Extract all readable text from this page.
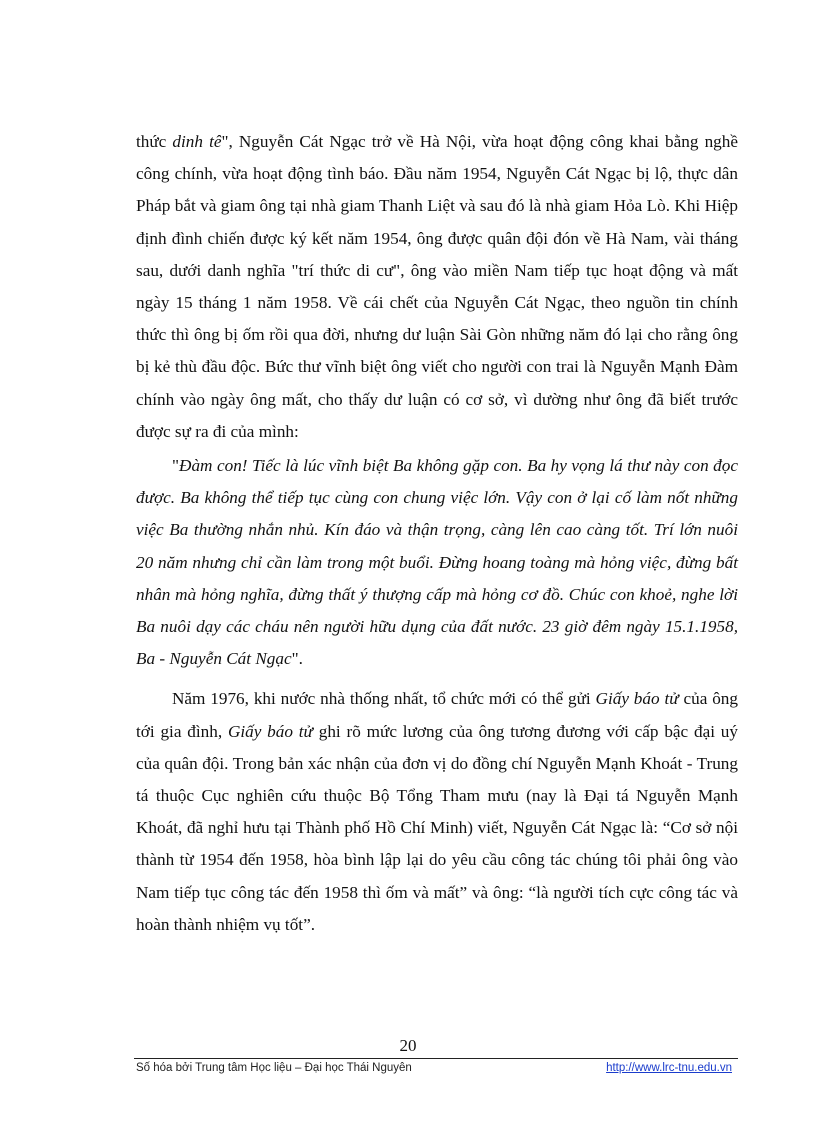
thức dinh tê", Nguyễn Cát Ngạc trở về Hà Nội, vừa hoạt động công khai bằng nghề công chính, vừa hoạt động tình báo. Đầu năm 1954, Nguyễn Cát Ngạc bị lộ, thực dân Pháp bắt và giam ông tại nhà giam Thanh Liệt và sau đó là nhà giam Hỏa Lò. Khi Hiệp định đình chiến được ký kết năm 1954, ông được quân đội đón về Hà Nam, vài tháng sau, dưới danh nghĩa "trí thức di cư", ông vào miền Nam tiếp tục hoạt động và mất ngày 15 tháng 1 năm 1958. Về cái chết của Nguyễn Cát Ngạc, theo nguồn tin chính thức thì ông bị ốm rồi qua đời, nhưng dư luận Sài Gòn những năm đó lại cho rằng ông bị kẻ thù đầu độc. Bức thư vĩnh biệt ông viết cho người con trai là Nguyễn Mạnh Đàm chính vào ngày ông mất, cho thấy dư luận có cơ sở, vì dường như ông đã biết trước được sự ra đi của mình:

"Đàm con! Tiếc là lúc vĩnh biệt Ba không gặp con. Ba hy vọng lá thư này con đọc được. Ba không thể tiếp tục cùng con chung việc lớn. Vậy con ở lại cố làm nốt những việc Ba thường nhắn nhủ. Kín đáo và thận trọng, càng lên cao càng tốt. Trí lớn nuôi 20 năm nhưng chỉ cần làm trong một buổi. Đừng hoang toàng mà hỏng việc, đừng bất nhân mà hỏng nghĩa, đừng thất ý thượng cấp mà hỏng cơ đồ. Chúc con khoẻ, nghe lời Ba nuôi dạy các cháu nên người hữu dụng của đất nước. 23 giờ đêm ngày 15.1.1958, Ba - Nguyễn Cát Ngạc".

Năm 1976, khi nước nhà thống nhất, tổ chức mới có thể gửi Giấy báo tử của ông tới gia đình, Giấy báo tử ghi rõ mức lương của ông tương đương với cấp bậc đại uý của quân đội. Trong bản xác nhận của đơn vị do đồng chí Nguyễn Mạnh Khoát - Trung tá thuộc Cục nghiên cứu thuộc Bộ Tổng Tham mưu (nay là Đại tá Nguyễn Mạnh Khoát, đã nghỉ hưu tại Thành phố Hồ Chí Minh) viết, Nguyễn Cát Ngạc là: “Cơ sở nội thành từ 1954 đến 1958, hòa bình lập lại do yêu cầu công tác chúng tôi phải ông vào Nam tiếp tục công tác đến 1958 thì ốm và mất” và ông: “là người tích cực công tác và hoàn thành nhiệm vụ tốt”.

20
Số hóa bởi Trung tâm Học liệu – Đại học Thái Nguyên	http://www.lrc-tnu.edu.vn
